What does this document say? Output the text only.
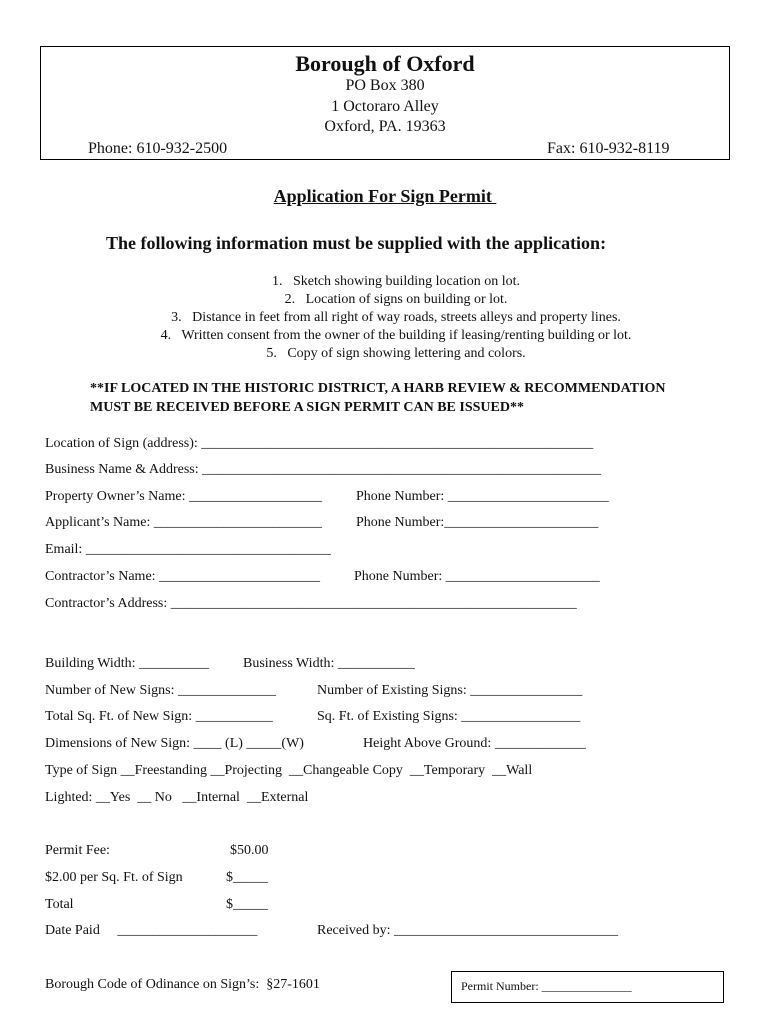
Borough of Oxford
PO Box 380
1 Octoraro Alley
Oxford, PA. 19363
Phone: 610-932-2500	Fax: 610-932-8119
Application For Sign Permit
The following information must be supplied with the application:
1.   Sketch showing building location on lot.
2.   Location of signs on building or lot.
3.   Distance in feet from all right of way roads, streets alleys and property lines.
4.   Written consent from the owner of the building if leasing/renting building or lot.
5.   Copy of sign showing lettering and colors.
**IF LOCATED IN THE HISTORIC DISTRICT, A HARB REVIEW & RECOMMENDATION
MUST BE RECEIVED BEFORE A SIGN PERMIT CAN BE ISSUED**
Location of Sign (address): ________________________________________________________
Business Name & Address: _________________________________________________________
Property Owner’s Name: ___________________ Phone Number: _______________________
Applicant’s Name: ________________________ Phone Number:______________________
Email: ___________________________________
Contractor’s Name: _______________________ Phone Number: ______________________
Contractor’s Address: __________________________________________________________
Building Width: __________ Business Width: ___________
Number of New Signs: ______________	Number of Existing Signs: ________________
Total Sq. Ft. of New Sign: ___________	Sq. Ft. of Existing Signs: _________________
Dimensions of New Sign: ____ (L) _____(W)	Height Above Ground: _____________
Type of Sign __Freestanding __Projecting  __Changeable Copy  __Temporary  __Wall
Lighted: __Yes  __ No   __Internal  __External
Permit Fee:	$50.00
$2.00 per Sq. Ft. of Sign	$_____
Total	$_____
Date Paid     ____________________	Received by: ________________________________
Borough Code of Odinance on Sign’s:  §27-1601	Permit Number: _______________
